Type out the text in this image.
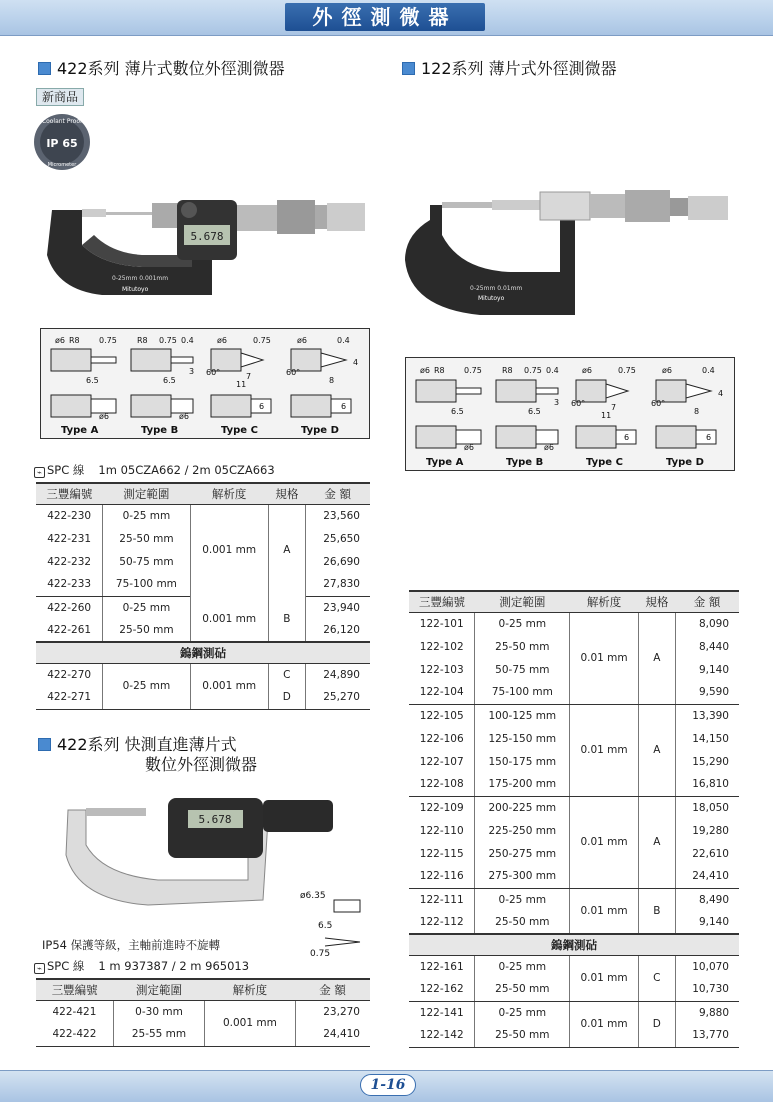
外徑測微器
422系列 薄片式數位外徑測微器
新商品
Coolant Proof
IP 65
Micrometer
5.678
0-25mm 0.001mm
Mitutoyo
ø6 R8 0.75
6.5
ø6
R8 0.75 0.4
3
6.5
ø6
ø6
60°
0.75
7
11
6
ø6
60°
0.4
4
8
6
Type A	Type B	Type C	Type D
⌁ SPC 線 1m 05CZA662 / 2m 05CZA663
三豐編號	測定範圍	解析度	規格	金 額
422-230	0-25 mm	0.001 mm	A	23,560
422-231	25-50 mm			25,650
422-232	50-75 mm			26,690
422-233	75-100 mm			27,830
422-260	0-25 mm	0.001 mm	B	23,940
422-261	25-50 mm			26,120
鎢鋼測砧				
422-270	0-25 mm	0.001 mm	C	24,890
422-271			D	25,270
422系列 快測直進薄片式
數位外徑測微器
5.678
ø6.35
6.5
0.75
IP54 保護等級，主軸前進時不旋轉
⌁ SPC 線 1 m 937387 / 2 m 965013
三豐編號	測定範圍	解析度	金 額
422-421	0-30 mm	0.001 mm	23,270
422-422	25-55 mm		24,410
122系列 薄片式外徑測微器
0-25mm 0.01mm
Mitutoyo
ø6 R8 0.75
6.5
ø6
R8 0.75 0.4
3
6.5
ø6
ø6
60°
0.75
7
11
6
ø6
60°
0.4
4
8
6
Type A	Type B	Type C	Type D
三豐編號	測定範圍	解析度	規格	金 額
122-101	0-25 mm	0.01 mm	A	8,090
122-102	25-50 mm			8,440
122-103	50-75 mm			9,140
122-104	75-100 mm			9,590
122-105	100-125 mm	0.01 mm	A	13,390
122-106	125-150 mm			14,150
122-107	150-175 mm			15,290
122-108	175-200 mm			16,810
122-109	200-225 mm	0.01 mm	A	18,050
122-110	225-250 mm			19,280
122-115	250-275 mm			22,610
122-116	275-300 mm			24,410
122-111	0-25 mm	0.01 mm	B	8,490
122-112	25-50 mm			9,140
鎢鋼測砧				
122-161	0-25 mm	0.01 mm	C	10,070
122-162	25-50 mm			10,730
122-141	0-25 mm	0.01 mm	D	9,880
122-142	25-50 mm			13,770
1-16
